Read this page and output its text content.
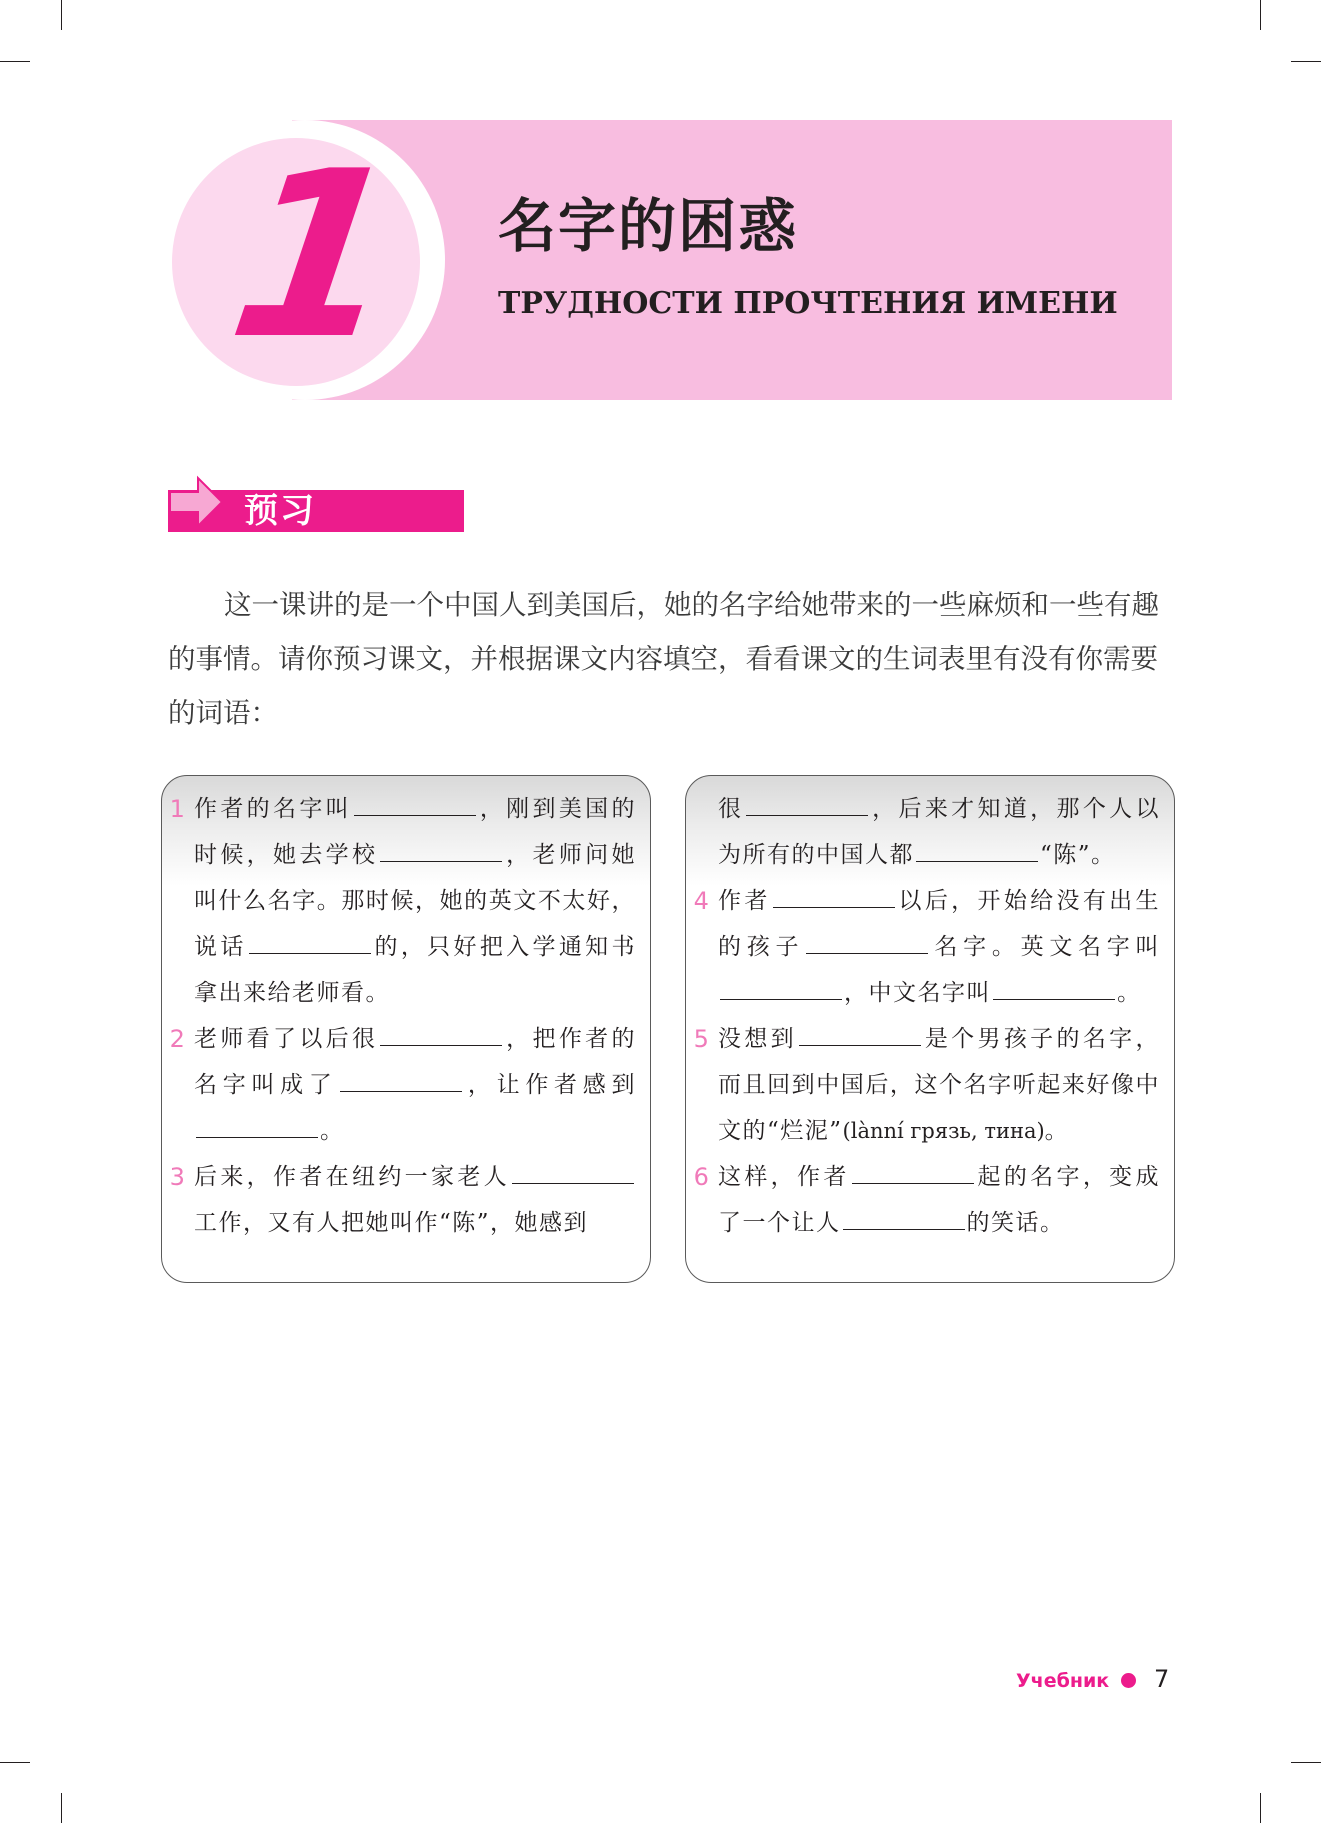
1 名字的困惑
ТРУДНОСТИ ПРОЧТЕНИЯ ИМЕНИ
预习

这一课讲的是一个中国人到美国后，她的名字给她带来的一些麻烦和一些有趣的事情。请你预习课文，并根据课文内容填空，看看课文的生词表里有没有你需要的词语：

1 作者的名字叫	，刚到美国的时候，她去学校	，老师问她叫什么名字。那时候，她的英文不太好，说话	的，只好把入学通知书拿出来给老师看。
2 老师看了以后很	，把作者的名字叫成了	，让作者感到。
3 后来，作者在纽约一家老人工作，又有人把她叫作“陈”，她感到
很	，后来才知道，那个人以为所有的中国人都	“陈”。
4 作者	以后，开始给没有出生的孩子	名字。英文名字叫，中文名字叫	。
5 没想到	是个男孩子的名字，而且回到中国后，这个名字听起来好像中文的“烂泥”(lànní грязь, тина)。
6 这样，作者	起的名字，变成了一个让人	的笑话。
Учебник 7
